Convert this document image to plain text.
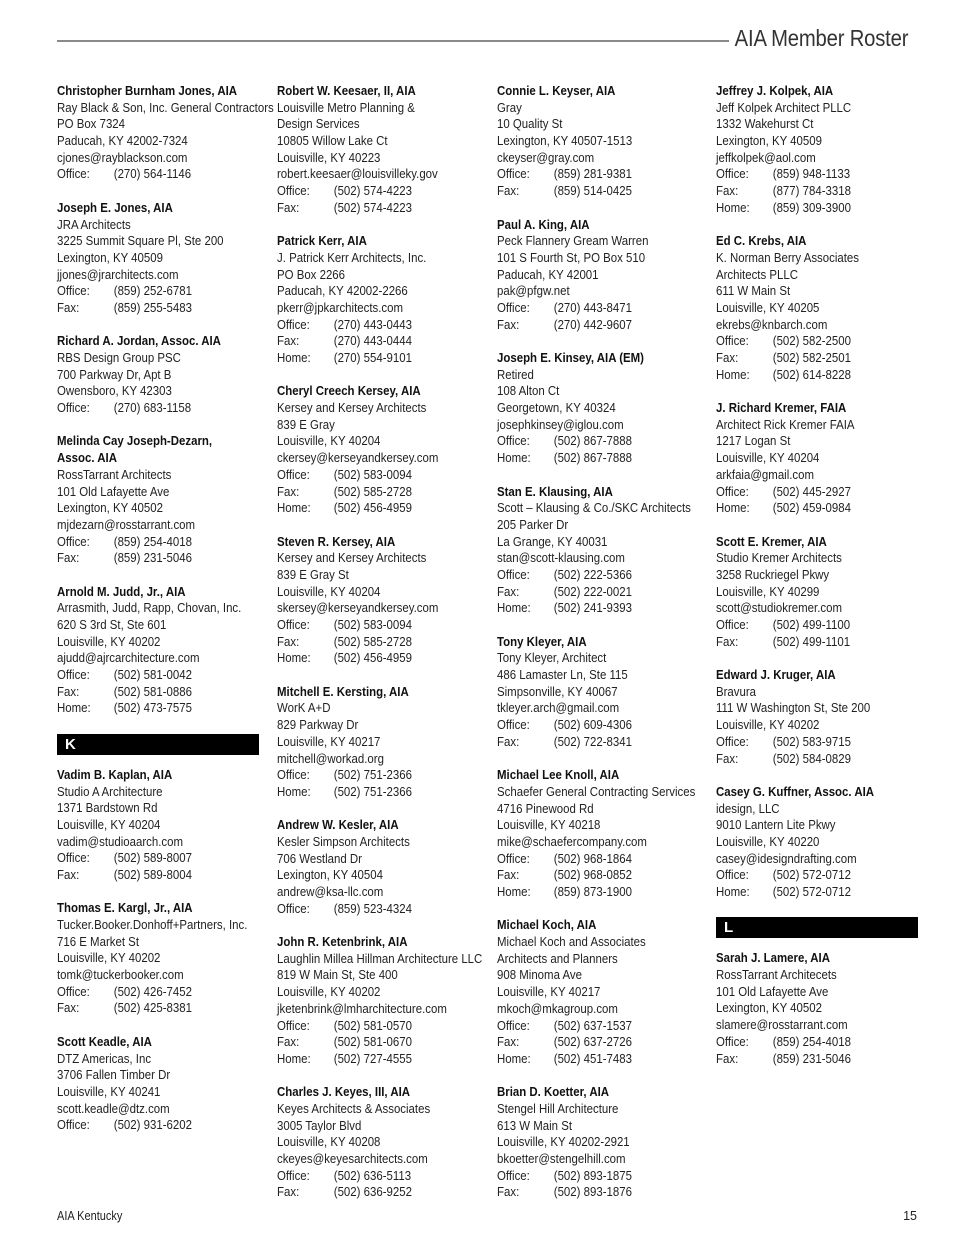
AIA Member Roster
Christopher Burnham Jones, AIA
Ray Black & Son, Inc. General Contractors
PO Box 7324
Paducah, KY 42002-7324
cjones@rayblackson.com
Office: (270) 564-1146
Joseph E. Jones, AIA
JRA Architects
3225 Summit Square Pl, Ste 200
Lexington, KY 40509
jjones@jrarchitects.com
Office: (859) 252-6781
Fax:	(859) 255-5483
Richard A. Jordan, Assoc. AIA
RBS Design Group PSC
700 Parkway Dr, Apt B
Owensboro, KY 42303
Office: (270) 683-1158
Melinda Cay Joseph-Dezarn,
Assoc. AIA
RossTarrant Architects
101 Old Lafayette Ave
Lexington, KY 40502
mjdezarn@rosstarrant.com
Office: (859) 254-4018
Fax:	(859) 231-5046
Arnold M. Judd, Jr., AIA
Arrasmith, Judd, Rapp, Chovan, Inc.
620 S 3rd St, Ste 601
Louisville, KY 40202
ajudd@ajrcarchitecture.com
Office: (502) 581-0042
Fax:	(502) 581-0886
Home: (502) 473-7575
K
Vadim B. Kaplan, AIA
Studio A Architecture
1371 Bardstown Rd
Louisville, KY 40204
vadim@studioaarch.com
Office: (502) 589-8007
Fax:	(502) 589-8004
Thomas E. Kargl, Jr., AIA
Tucker.Booker.Donhoff+Partners, Inc.
716 E Market St
Louisville, KY 40202
tomk@tuckerbooker.com
Office: (502) 426-7452
Fax:	(502) 425-8381
Scott Keadle, AIA
DTZ Americas, Inc
3706 Fallen Timber Dr
Louisville, KY 40241
scott.keadle@dtz.com
Office: (502) 931-6202
Robert W. Keesaer, II, AIA
Louisville Metro Planning &
Design Services
10805 Willow Lake Ct
Louisville, KY 40223
robert.keesaer@louisvilleky.gov
Office: (502) 574-4223
Fax:	(502) 574-4223
Patrick Kerr, AIA
J. Patrick Kerr Architects, Inc.
PO Box 2266
Paducah, KY 42002-2266
pkerr@jpkarchitects.com
Office: (270) 443-0443
Fax:	(270) 443-0444
Home: (270) 554-9101
Cheryl Creech Kersey, AIA
Kersey and Kersey Architects
839 E Gray
Louisville, KY 40204
ckersey@kerseyandkersey.com
Office: (502) 583-0094
Fax:	(502) 585-2728
Home: (502) 456-4959
Steven R. Kersey, AIA
Kersey and Kersey Architects
839 E Gray St
Louisville, KY 40204
skersey@kerseyandkersey.com
Office: (502) 583-0094
Fax:	(502) 585-2728
Home: (502) 456-4959
Mitchell E. Kersting, AIA
WorK A+D
829 Parkway Dr
Louisville, KY 40217
mitchell@workad.org
Office: (502) 751-2366
Home: (502) 751-2366
Andrew W. Kesler, AIA
Kesler Simpson Architects
706 Westland Dr
Lexington, KY 40504
andrew@ksa-llc.com
Office: (859) 523-4324
John R. Ketenbrink, AIA
Laughlin Millea Hillman Architecture LLC
819 W Main St, Ste 400
Louisville, KY 40202
jketenbrink@lmharchitecture.com
Office: (502) 581-0570
Fax:	(502) 581-0670
Home: (502) 727-4555
Charles J. Keyes, III, AIA
Keyes Architects & Associates
3005 Taylor Blvd
Louisville, KY 40208
ckeyes@keyesarchitects.com
Office: (502) 636-5113
Fax:	(502) 636-9252
Connie L. Keyser, AIA
Gray
10 Quality St
Lexington, KY 40507-1513
ckeyser@gray.com
Office: (859) 281-9381
Fax:	(859) 514-0425
Paul A. King, AIA
Peck Flannery Gream Warren
101 S Fourth St, PO Box 510
Paducah, KY 42001
pak@pfgw.net
Office: (270) 443-8471
Fax:	(270) 442-9607
Joseph E. Kinsey, AIA (EM)
Retired
108 Alton Ct
Georgetown, KY 40324
josephkinsey@iglou.com
Office: (502) 867-7888
Home: (502) 867-7888
Stan E. Klausing, AIA
Scott – Klausing & Co./SKC Architects
205 Parker Dr
La Grange, KY 40031
stan@scott-klausing.com
Office: (502) 222-5366
Fax:	(502) 222-0021
Home: (502) 241-9393
Tony Kleyer, AIA
Tony Kleyer, Architect
486 Lamaster Ln, Ste 115
Simpsonville, KY 40067
tkleyer.arch@gmail.com
Office: (502) 609-4306
Fax:	(502) 722-8341
Michael Lee Knoll, AIA
Schaefer General Contracting Services
4716 Pinewood Rd
Louisville, KY 40218
mike@schaefercompany.com
Office: (502) 968-1864
Fax:	(502) 968-0852
Home: (859) 873-1900
Michael Koch, AIA
Michael Koch and Associates
Architects and Planners
908 Minoma Ave
Louisville, KY 40217
mkoch@mkagroup.com
Office: (502) 637-1537
Fax:	(502) 637-2726
Home: (502) 451-7483
Brian D. Koetter, AIA
Stengel Hill Architecture
613 W Main St
Louisville, KY 40202-2921
bkoetter@stengelhill.com
Office: (502) 893-1875
Fax:	(502) 893-1876
Jeffrey J. Kolpek, AIA
Jeff Kolpek Architect PLLC
1332 Wakehurst Ct
Lexington, KY 40509
jeffkolpek@aol.com
Office: (859) 948-1133
Fax:	(877) 784-3318
Home: (859) 309-3900
Ed C. Krebs, AIA
K. Norman Berry Associates
Architects PLLC
611 W Main St
Louisville, KY 40205
ekrebs@knbarch.com
Office: (502) 582-2500
Fax:	(502) 582-2501
Home: (502) 614-8228
J. Richard Kremer, FAIA
Architect Rick Kremer FAIA
1217 Logan St
Louisville, KY 40204
arkfaia@gmail.com
Office: (502) 445-2927
Home: (502) 459-0984
Scott E. Kremer, AIA
Studio Kremer Architects
3258 Ruckriegel Pkwy
Louisville, KY 40299
scott@studiokremer.com
Office: (502) 499-1100
Fax:	(502) 499-1101
Edward J. Kruger, AIA
Bravura
111 W Washington St, Ste 200
Louisville, KY 40202
Office: (502) 583-9715
Fax:	(502) 584-0829
Casey G. Kuffner, Assoc. AIA
idesign, LLC
9010 Lantern Lite Pkwy
Louisville, KY 40220
casey@idesigndrafting.com
Office: (502) 572-0712
Home: (502) 572-0712
L
Sarah J. Lamere, AIA
RossTarrant Architecets
101 Old Lafayette Ave
Lexington, KY 40502
slamere@rosstarrant.com
Office: (859) 254-4018
Fax:	(859) 231-5046
AIA Kentucky	15
